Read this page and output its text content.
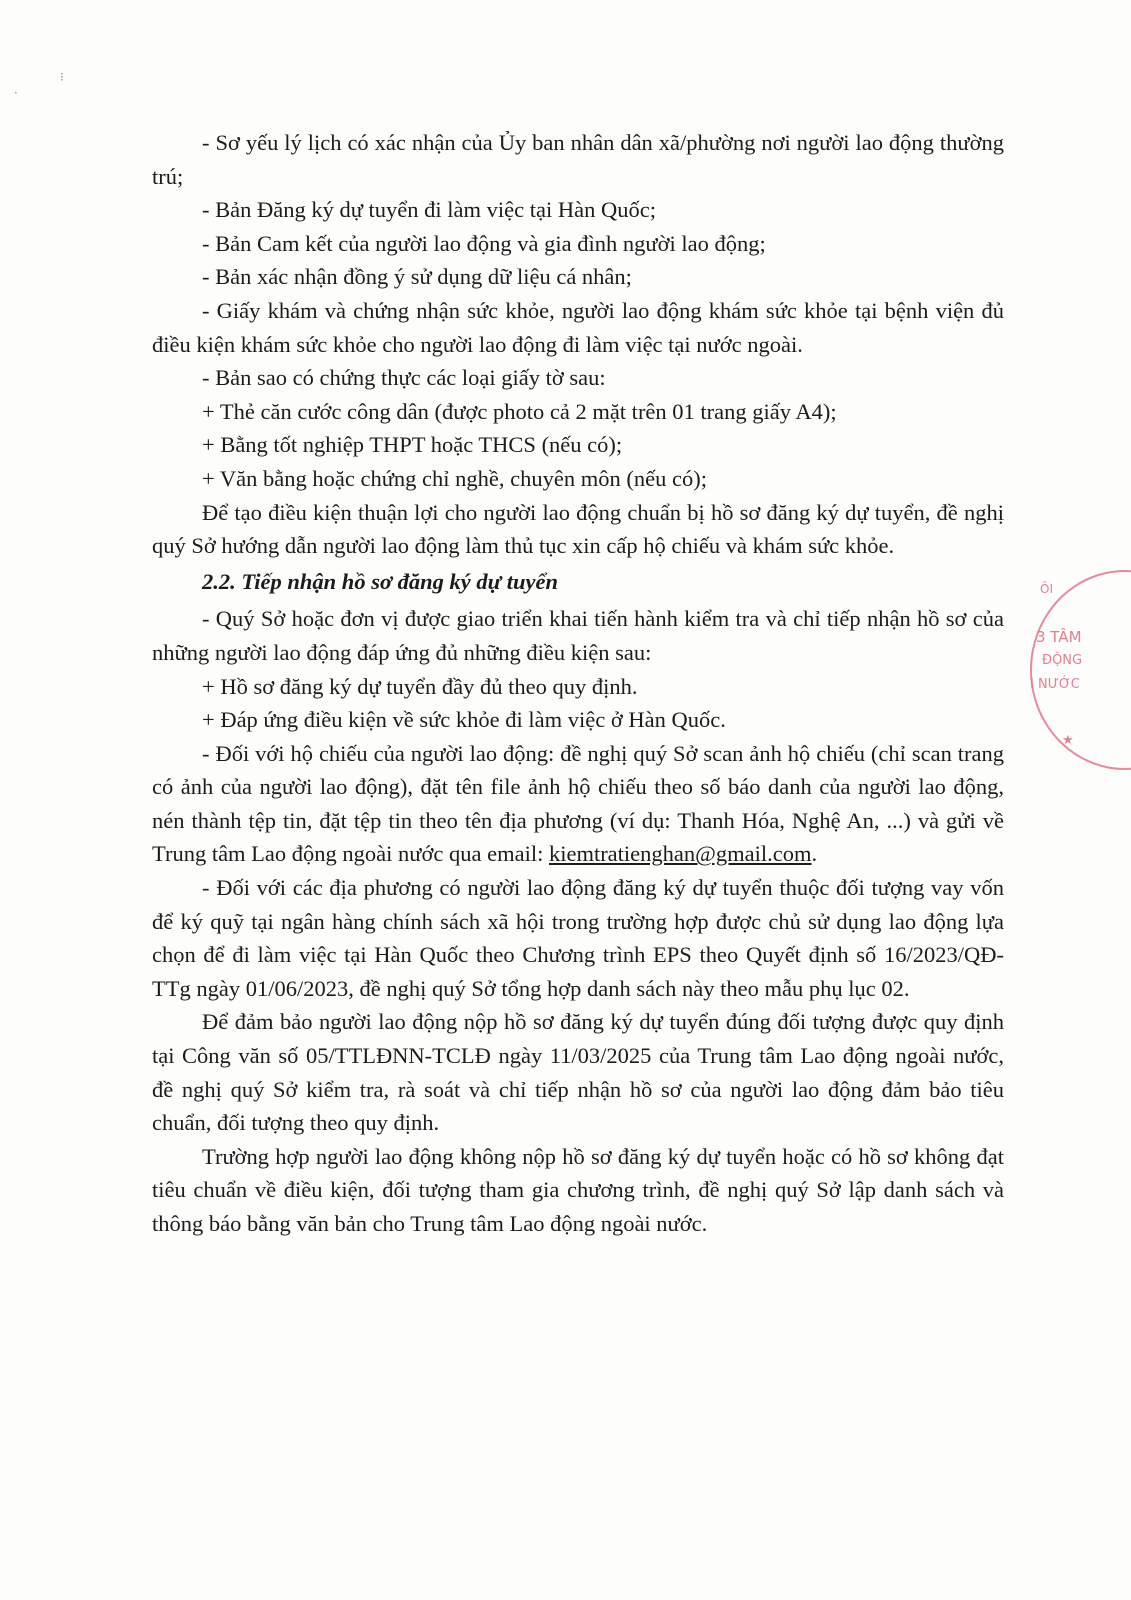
- Sơ yếu lý lịch có xác nhận của Ủy ban nhân dân xã/phường nơi người lao động thường trú;

- Bản Đăng ký dự tuyển đi làm việc tại Hàn Quốc;

- Bản Cam kết của người lao động và gia đình người lao động;

- Bản xác nhận đồng ý sử dụng dữ liệu cá nhân;

- Giấy khám và chứng nhận sức khỏe, người lao động khám sức khỏe tại bệnh viện đủ điều kiện khám sức khỏe cho người lao động đi làm việc tại nước ngoài.

- Bản sao có chứng thực các loại giấy tờ sau:

+ Thẻ căn cước công dân (được photo cả 2 mặt trên 01 trang giấy A4);

+ Bằng tốt nghiệp THPT hoặc THCS (nếu có);

+ Văn bằng hoặc chứng chỉ nghề, chuyên môn (nếu có);

Để tạo điều kiện thuận lợi cho người lao động chuẩn bị hồ sơ đăng ký dự tuyển, đề nghị quý Sở hướng dẫn người lao động làm thủ tục xin cấp hộ chiếu và khám sức khỏe.

2.2. Tiếp nhận hồ sơ đăng ký dự tuyển

- Quý Sở hoặc đơn vị được giao triển khai tiến hành kiểm tra và chỉ tiếp nhận hồ sơ của những người lao động đáp ứng đủ những điều kiện sau:

+ Hồ sơ đăng ký dự tuyển đầy đủ theo quy định.

+ Đáp ứng điều kiện về sức khỏe đi làm việc ở Hàn Quốc.

- Đối với hộ chiếu của người lao động: đề nghị quý Sở scan ảnh hộ chiếu (chỉ scan trang có ảnh của người lao động), đặt tên file ảnh hộ chiếu theo số báo danh của người lao động, nén thành tệp tin, đặt tệp tin theo tên địa phương (ví dụ: Thanh Hóa, Nghệ An, ...) và gửi về Trung tâm Lao động ngoài nước qua email: kiemtratienghan@gmail.com.

- Đối với các địa phương có người lao động đăng ký dự tuyển thuộc đối tượng vay vốn để ký quỹ tại ngân hàng chính sách xã hội trong trường hợp được chủ sử dụng lao động lựa chọn để đi làm việc tại Hàn Quốc theo Chương trình EPS theo Quyết định số 16/2023/QĐ-TTg ngày 01/06/2023, đề nghị quý Sở tổng hợp danh sách này theo mẫu phụ lục 02.

Để đảm bảo người lao động nộp hồ sơ đăng ký dự tuyển đúng đối tượng được quy định tại Công văn số 05/TTLĐNN-TCLĐ ngày 11/03/2025 của Trung tâm Lao động ngoài nước, đề nghị quý Sở kiểm tra, rà soát và chỉ tiếp nhận hồ sơ của người lao động đảm bảo tiêu chuẩn, đối tượng theo quy định.

Trường hợp người lao động không nộp hồ sơ đăng ký dự tuyển hoặc có hồ sơ không đạt tiêu chuẩn về điều kiện, đối tượng tham gia chương trình, đề nghị quý Sở lập danh sách và thông báo bằng văn bản cho Trung tâm Lao động ngoài nước.

ÔI
3 TÂM
ĐỘNG
I NƯỚC
★
⁝
·
